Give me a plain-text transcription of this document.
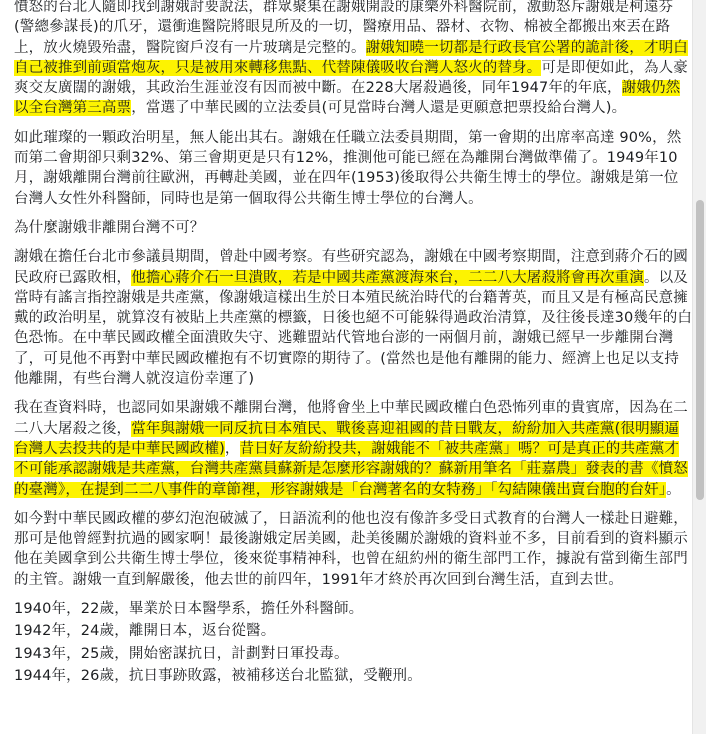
憤怒的台北人隨即找到謝娥討要說法，群眾聚集在謝娥開設的康樂外科醫院前，激動怒斥謝娥是柯遠芬(警總參謀長)的爪牙，還衝進醫院將眼見所及的一切，醫療用品、器材、衣物、棉被全都搬出來丟在路上，放火燒毀殆盡，醫院窗戶沒有一片玻璃是完整的。謝娥知曉一切都是行政長官公署的詭計後，才明白自己被推到前頭當炮灰，只是被用來轉移焦點、代替陳儀吸收台灣人怒火的替身。可是即便如此，為人豪爽交友廣闊的謝娥，其政治生涯並沒有因而被中斷。在228大屠殺過後，同年1947年的年底，謝娥仍然以全台灣第三高票，當選了中華民國的立法委員(可見當時台灣人還是更願意把票投給台灣人)。

如此璀璨的一顆政治明星，無人能出其右。謝娥在任職立法委員期間，第一會期的出席率高達 90%，然而第二會期卻只剩32%、第三會期更是只有12%，推測他可能已經在為離開台灣做準備了。1949年10月，謝娥離開台灣前往歐洲，再轉赴美國，並在四年(1953)後取得公共衛生博士的學位。謝娥是第一位台灣人女性外科醫師，同時也是第一個取得公共衛生博士學位的台灣人。

為什麼謝娥非離開台灣不可？

謝娥在擔任台北市參議員期間，曾赴中國考察。有些研究認為，謝娥在中國考察期間，注意到蔣介石的國民政府已露敗相，他擔心蔣介石一旦潰敗，若是中國共產黨渡海來台，二二八大屠殺將會再次重演。以及當時有謠言指控謝娥是共產黨，像謝娥這樣出生於日本殖民統治時代的台籍菁英，而且又是有極高民意擁戴的政治明星，就算沒有被貼上共產黨的標籤，日後也絕不可能躲得過政治清算，及往後長達30幾年的白色恐怖。在中華民國政權全面潰敗失守、逃難盟站代管地台澎的一兩個月前，謝娥已經早一步離開台灣了，可見他不再對中華民國政權抱有不切實際的期待了。(當然也是他有離開的能力、經濟上也足以支持他離開，有些台灣人就沒這份幸運了)

我在查資料時，也認同如果謝娥不離開台灣，他將會坐上中華民國政權白色恐怖列車的貴賓席，因為在二二八大屠殺之後，當年與謝娥一同反抗日本殖民、戰後喜迎祖國的昔日戰友，紛紛加入共產黨(很明顯逼台灣人去投共的是中華民國政權)，昔日好友紛紛投共，謝娥能不「被共產黨」嗎？可是真正的共產黨才不可能承認謝娥是共產黨，台灣共產黨員蘇新是怎麼形容謝娥的？蘇新用筆名「莊嘉農」發表的書《憤怒的臺灣》，在提到二二八事件的章節裡，形容謝娥是「台灣著名的女特務」「勾結陳儀出賣台胞的台奸」。

如今對中華民國政權的夢幻泡泡破滅了，日語流利的他也沒有像許多受日式教育的台灣人一樣赴日避難，那可是他曾經對抗過的國家啊！最後謝娥定居美國，赴美後關於謝娥的資料並不多，目前看到的資料顯示他在美國拿到公共衛生博士學位，後來從事精神科，也曾在紐約州的衛生部門工作，據說有當到衛生部門的主管。謝娥一直到解嚴後，他去世的前四年，1991年才終於再次回到台灣生活，直到去世。

1940年，22歲，畢業於日本醫學系，擔任外科醫師。

1942年，24歲，離開日本，返台從醫。

1943年，25歲，開始密謀抗日，計劃對日軍投毒。

1944年，26歲，抗日事跡敗露，被補移送台北監獄，受鞭刑。
